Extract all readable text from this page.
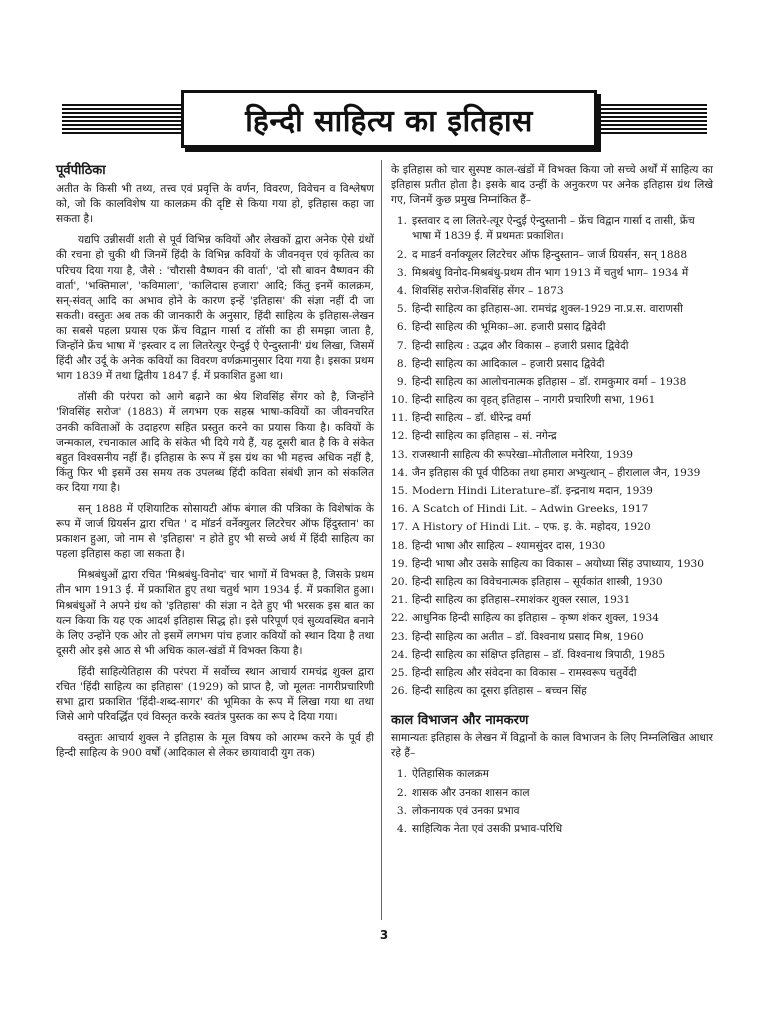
हिन्दी साहित्य का इतिहास
पूर्वपीठिका

अतीत के किसी भी तथ्य, तत्त्व एवं प्रवृत्ति के वर्णन, विवरण, विवेचन व विश्लेषण को, जो कि कालविशेष या कालक्रम की दृष्टि से किया गया हो, इतिहास कहा जा सकता है।

यद्यपि उन्नीसवीं शती से पूर्व विभिन्न कवियों और लेखकों द्वारा अनेक ऐसे ग्रंथों की रचना हो चुकी थी जिनमें हिंदी के विभिन्न कवियों के जीवनवृत्त एवं कृतित्व का परिचय दिया गया है, जैसे : 'चौरासी वैष्णवन की वार्ता', 'दो सौ बावन वैष्णवन की वार्ता', 'भक्तिमाल', 'कविमाला', 'कालिदास हजारा' आदि; किंतु इनमें कालक्रम, सन्-संवत् आदि का अभाव होने के कारण इन्हें 'इतिहास' की संज्ञा नहीं दी जा सकती। वस्तुतः अब तक की जानकारी के अनुसार, हिंदी साहित्य के इतिहास-लेखन का सबसे पहला प्रयास एक फ्रेंच विद्वान गार्सा द तॉसी का ही समझा जाता है, जिन्होंने फ्रेंच भाषा में 'इस्त्वार द ला लितरेत्युर ऐन्दुई ऐ ऐन्दुस्तानी' ग्रंथ लिखा, जिसमें हिंदी और उर्दू के अनेक कवियों का विवरण वर्णक्रमानुसार दिया गया है। इसका प्रथम भाग 1839 में तथा द्वितीय 1847 ई. में प्रकाशित हुआ था।

तॉसी की परंपरा को आगे बढ़ाने का श्रेय शिवसिंह सेंगर को है, जिन्होंने 'शिवसिंह सरोज' (1883) में लगभग एक सहस्र भाषा-कवियों का जीवनचरित उनकी कविताओं के उदाहरण सहित प्रस्तुत करने का प्रयास किया है। कवियों के जन्मकाल, रचनाकाल आदि के संकेत भी दिये गये हैं, यह दूसरी बात है कि वे संकेत बहुत विश्वसनीय नहीं हैं। इतिहास के रूप में इस ग्रंथ का भी महत्त्व अधिक नहीं है, किंतु फिर भी इसमें उस समय तक उपलब्ध हिंदी कविता संबंधी ज्ञान को संकलित कर दिया गया है।

सन् 1888 में एशियाटिक सोसायटी ऑफ बंगाल की पत्रिका के विशेषांक के रूप में जार्ज ग्रियर्सन द्वारा रचित ' द मॉडर्न वर्नेक्युलर लिटरेचर ऑफ हिंदुस्तान' का प्रकाशन हुआ, जो नाम से 'इतिहास' न होते हुए भी सच्चे अर्थ में हिंदी साहित्य का पहला इतिहास कहा जा सकता है।

मिश्रबंधुओं द्वारा रचित 'मिश्रबंधु-विनोद' चार भागों में विभक्त है, जिसके प्रथम तीन भाग 1913 ई. में प्रकाशित हुए तथा चतुर्थ भाग 1934 ई. में प्रकाशित हुआ। मिश्रबंधुओं ने अपने ग्रंथ को 'इतिहास' की संज्ञा न देते हुए भी भरसक इस बात का यत्न किया कि यह एक आदर्श इतिहास सिद्ध हो। इसे परिपूर्ण एवं सुव्यवस्थित बनाने के लिए उन्होंने एक ओर तो इसमें लगभग पांच हजार कवियों को स्थान दिया है तथा दूसरी ओर इसे आठ से भी अधिक काल-खंडों में विभक्त किया है।

हिंदी साहित्येतिहास की परंपरा में सर्वोच्च स्थान आचार्य रामचंद्र शुक्ल द्वारा रचित 'हिंदी साहित्य का इतिहास' (1929) को प्राप्त है, जो मूलतः नागरीप्रचारिणी सभा द्वारा प्रकाशित 'हिंदी-शब्द-सागर' की भूमिका के रूप में लिखा गया था तथा जिसे आगे परिवर्द्धित एवं विस्तृत करके स्वतंत्र पुस्तक का रूप दे दिया गया।

वस्तुतः आचार्य शुक्ल ने इतिहास के मूल विषय को आरम्भ करने के पूर्व ही हिन्दी साहित्य के 900 वर्षों (आदिकाल से लेकर छायावादी युग तक)

के इतिहास को चार सुस्पष्ट काल-खंडों में विभक्त किया जो सच्चे अर्थों में साहित्य का इतिहास प्रतीत होता है। इसके बाद उन्हीं के अनुकरण पर अनेक इतिहास ग्रंथ लिखे गए, जिनमें कुछ प्रमुख निम्नांकित हैं–

1. इस्तवार द ला लितरे-त्यूर ऐन्दुई ऐन्दुस्तानी – फ्रेंच विद्वान गार्सा द तासी, फ्रेंच भाषा में 1839 ई. में प्रथमतः प्रकाशित।
2. द माडर्न वर्नाक्यूलर लिटरेचर ऑफ हिन्दुस्तान– जार्ज ग्रियर्सन, सन् 1888
3. मिश्रबंधु विनोद-मिश्रबंधु-प्रथम तीन भाग 1913 में चतुर्थ भाग– 1934 में
4. शिवसिंह सरोज-शिवसिंह सेंगर – 1873
5. हिन्दी साहित्य का इतिहास-आ. रामचंद्र शुक्ल-1929 ना.प्र.स. वाराणसी
6. हिन्दी साहित्य की भूमिका–आ. हजारी प्रसाद द्विवेदी
7. हिन्दी साहित्य : उद्भव और विकास – हजारी प्रसाद द्विवेदी
8. हिन्दी साहित्य का आदिकाल – हजारी प्रसाद द्विवेदी
9. हिन्दी साहित्य का आलोचनात्मक इतिहास – डॉ. रामकुमार वर्मा – 1938
10. हिन्दी साहित्य का वृहत् इतिहास – नागरी प्रचारिणी सभा, 1961
11. हिन्दी साहित्य – डॉ. धीरेन्द्र वर्मा
12. हिन्दी साहित्य का इतिहास – सं. नगेन्द्र
13. राजस्थानी साहित्य की रूपरेखा–मोतीलाल मनेरिया, 1939
14. जैन इतिहास की पूर्व पीठिका तथा हमारा अभ्युत्थान् – हीरालाल जैन, 1939
15. Modern Hindi Literature–डॉ. इन्द्रनाथ मदान, 1939
16. A Scatch of Hindi Lit. – Adwin Greeks, 1917
17. A History of Hindi Lit. – एफ. इ. के. महोदय, 1920
18. हिन्दी भाषा और साहित्य – श्यामसुंदर दास, 1930
19. हिन्दी भाषा और उसके साहित्य का विकास – अयोध्या सिंह उपाध्याय, 1930
20. हिन्दी साहित्य का विवेचनात्मक इतिहास – सूर्यकांत शास्त्री, 1930
21. हिन्दी साहित्य का इतिहास–रमाशंकर शुक्ल रसाल, 1931
22. आधुनिक हिन्दी साहित्य का इतिहास – कृष्ण शंकर शुक्ल, 1934
23. हिन्दी साहित्य का अतीत – डॉ. विश्वनाथ प्रसाद मिश्र, 1960
24. हिन्दी साहित्य का संक्षिप्त इतिहास – डॉ. विश्वनाथ त्रिपाठी, 1985
25. हिन्दी साहित्य और संवेदना का विकास – रामस्वरूप चतुर्वेदी
26. हिन्दी साहित्य का दूसरा इतिहास – बच्चन सिंह
काल विभाजन और नामकरण

सामान्यतः इतिहास के लेखन में विद्वानों के काल विभाजन के लिए निम्नलिखित आधार रहे हैं–

1. ऐतिहासिक कालक्रम
2. शासक और उनका शासन काल
3. लोकनायक एवं उनका प्रभाव
4. साहित्यिक नेता एवं उसकी प्रभाव-परिधि
3
